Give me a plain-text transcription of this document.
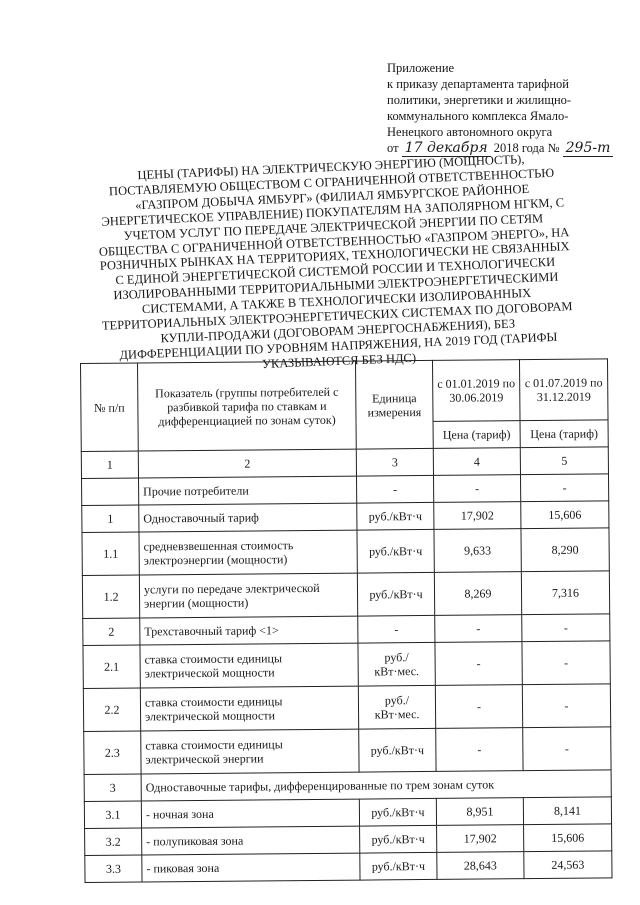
Приложение
к приказу департамента тарифной
политики, энергетики и жилищно-
коммунального комплекса Ямало-
Ненецкого автономного округа
от 17 декабря 2018 года № 295-т
ЦЕНЫ (ТАРИФЫ) НА ЭЛЕКТРИЧЕСКУЮ ЭНЕРГИЮ (МОЩНОСТЬ), ПОСТАВЛЯЕМУЮ ОБЩЕСТВОМ С ОГРАНИЧЕННОЙ ОТВЕТСТВЕННОСТЬЮ «ГАЗПРОМ ДОБЫЧА ЯМБУРГ» (ФИЛИАЛ ЯМБУРГСКОЕ РАЙОННОЕ ЭНЕРГЕТИЧЕСКОЕ УПРАВЛЕНИЕ) ПОКУПАТЕЛЯМ НА ЗАПОЛЯРНОМ НГКМ, С УЧЕТОМ УСЛУГ ПО ПЕРЕДАЧЕ ЭЛЕКТРИЧЕСКОЙ ЭНЕРГИИ ПО СЕТЯМ ОБЩЕСТВА С ОГРАНИЧЕННОЙ ОТВЕТСТВЕННОСТЬЮ «ГАЗПРОМ ЭНЕРГО», НА РОЗНИЧНЫХ РЫНКАХ НА ТЕРРИТОРИЯХ, ТЕХНОЛОГИЧЕСКИ НЕ СВЯЗАННЫХ С ЕДИНОЙ ЭНЕРГЕТИЧЕСКОЙ СИСТЕМОЙ РОССИИ И ТЕХНОЛОГИЧЕСКИ ИЗОЛИРОВАННЫМИ ТЕРРИТОРИАЛЬНЫМИ ЭЛЕКТРОЭНЕРГЕТИЧЕСКИМИ СИСТЕМАМИ, А ТАКЖЕ В ТЕХНОЛОГИЧЕСКИ ИЗОЛИРОВАННЫХ ТЕРРИТОРИАЛЬНЫХ ЭЛЕКТРОЭНЕРГЕТИЧЕСКИХ СИСТЕМАХ ПО ДОГОВОРАМ КУПЛИ-ПРОДАЖИ (ДОГОВОРАМ ЭНЕРГОСНАБЖЕНИЯ), БЕЗ ДИФФЕРЕНЦИАЦИИ ПО УРОВНЯМ НАПРЯЖЕНИЯ, НА 2019 ГОД (ТАРИФЫ УКАЗЫВАЮТСЯ БЕЗ НДС)
№ п/п	Показатель (группы потребителей с разбивкой тарифа по ставкам и дифференциацией по зонам суток)	Единица измерения	с 01.01.2019 по 30.06.2019	с 01.07.2019 по 31.12.2019
			Цена (тариф)	Цена (тариф)
1	2	3	4	5
	Прочие потребители	-	-	-
1	Одноставочный тариф	руб./кВт·ч	17,902	15,606
1.1	средневзвешенная стоимость электроэнергии (мощности)	руб./кВт·ч	9,633	8,290
1.2	услуги по передаче электрической энергии (мощности)	руб./кВт·ч	8,269	7,316
2	Трехставочный тариф <1>	-	-	-
2.1	ставка стоимости единицы электрической мощности	руб./кВт·мес.	-	-
2.2	ставка стоимости единицы электрической мощности	руб./кВт·мес.	-	-
2.3	ставка стоимости единицы электрической энергии	руб./кВт·ч	-	-
3	Одноставочные тарифы, дифференцированные по трем зонам суток			
3.1	- ночная зона	руб./кВт·ч	8,951	8,141
3.2	- полупиковая зона	руб./кВт·ч	17,902	15,606
3.3	- пиковая зона	руб./кВт·ч	28,643	24,563
